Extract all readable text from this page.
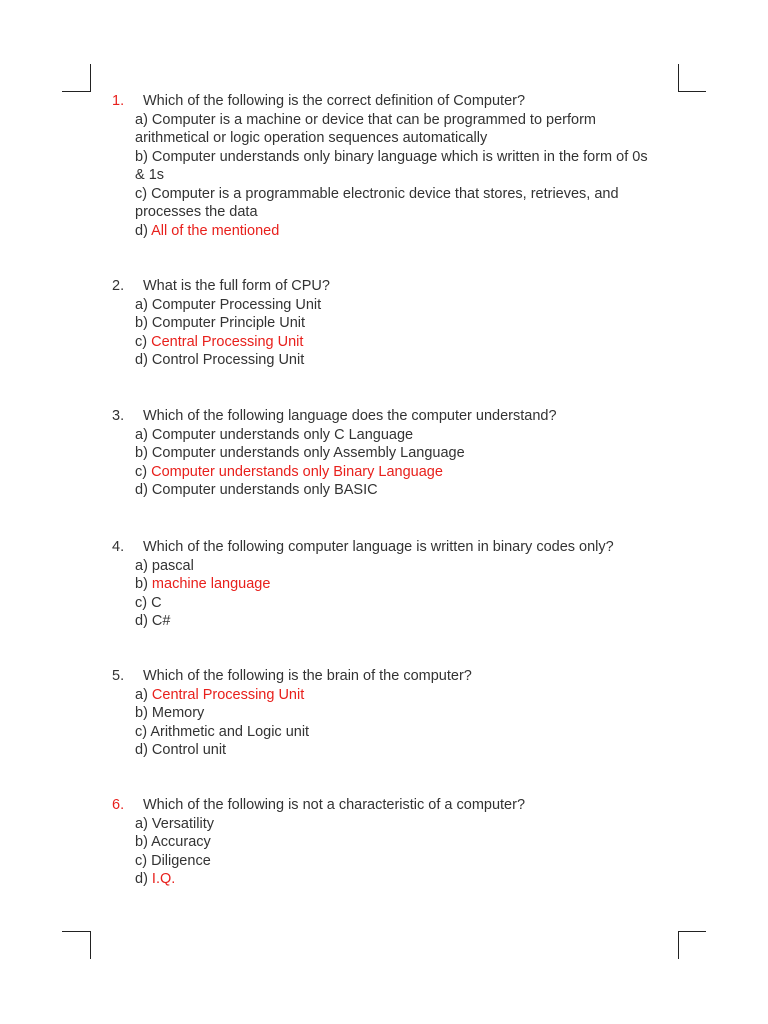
1. Which of the following is the correct definition of Computer?
a) Computer is a machine or device that can be programmed to perform
arithmetical or logic operation sequences automatically
b) Computer understands only binary language which is written in the form of 0s
& 1s
c) Computer is a programmable electronic device that stores, retrieves, and
processes the data
d) All of the mentioned
2. What is the full form of CPU?
a) Computer Processing Unit
b) Computer Principle Unit
c) Central Processing Unit
d) Control Processing Unit
3. Which of the following language does the computer understand?
a) Computer understands only C Language
b) Computer understands only Assembly Language
c) Computer understands only Binary Language
d) Computer understands only BASIC
4. Which of the following computer language is written in binary codes only?
a) pascal
b) machine language
c) C
d) C#
5. Which of the following is the brain of the computer?
a) Central Processing Unit
b) Memory
c) Arithmetic and Logic unit
d) Control unit
6. Which of the following is not a characteristic of a computer?
a) Versatility
b) Accuracy
c) Diligence
d) I.Q.
